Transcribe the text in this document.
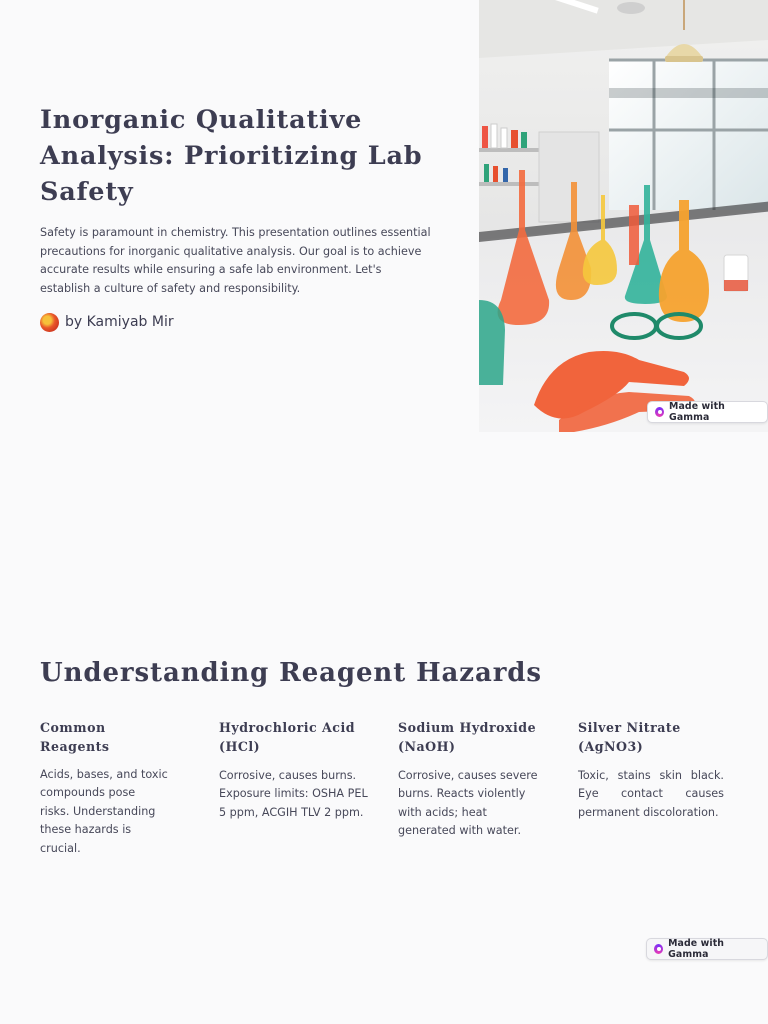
Inorganic Qualitative Analysis: Prioritizing Lab Safety

Safety is paramount in chemistry. This presentation outlines essential precautions for inorganic qualitative analysis. Our goal is to achieve accurate results while ensuring a safe lab environment. Let's establish a culture of safety and responsibility.

by Kamiyab Mir
Made with Gamma
Understanding Reagent Hazards
Common Reagents

Acids, bases, and toxic compounds pose risks. Understanding these hazards is crucial.

Hydrochloric Acid (HCl)

Corrosive, causes burns. Exposure limits: OSHA PEL 5 ppm, ACGIH TLV 2 ppm.

Sodium Hydroxide (NaOH)

Corrosive, causes severe burns. Reacts violently with acids; heat generated with water.

Silver Nitrate (AgNO3)

Toxic, stains skin black. Eye contact causes permanent discoloration.

Made with Gamma
